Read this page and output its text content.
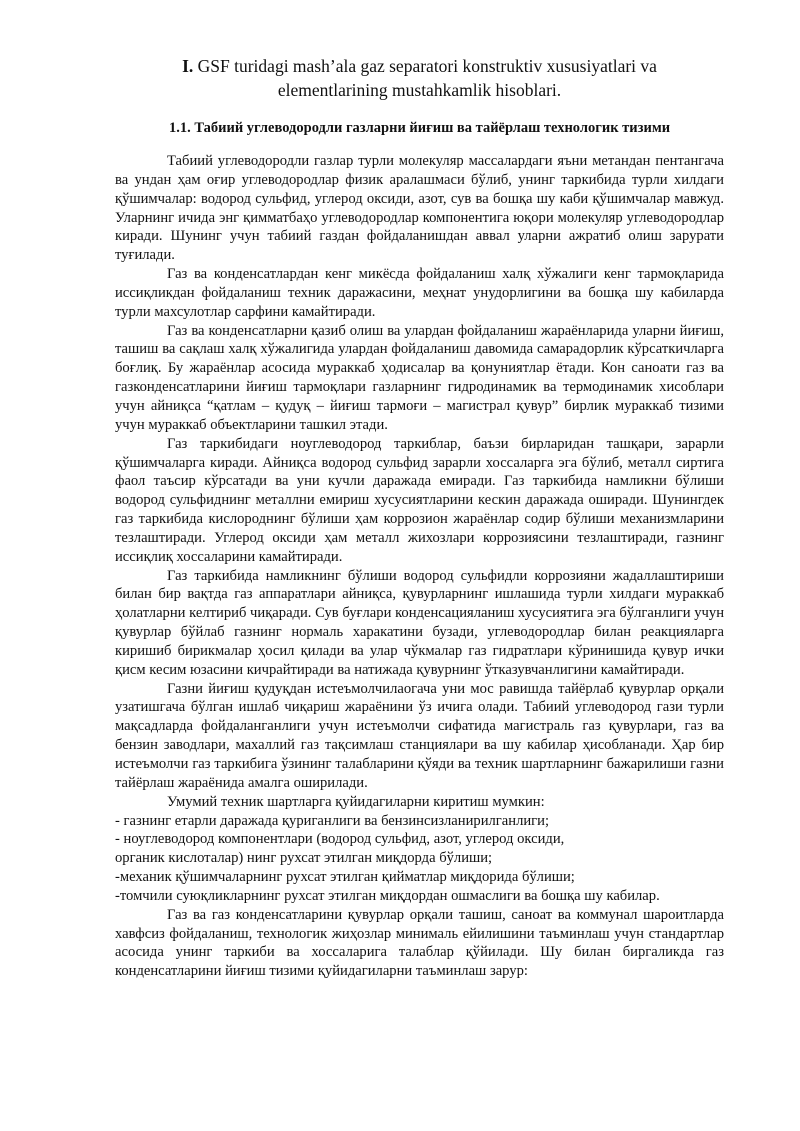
I. GSF turidagi mash’ala gaz separatori konstruktiv xususiyatlari va
elementlarining mustahkamlik hisoblari.
1.1. Табиий углеводородли газларни йиғиш ва тайёрлаш технологик тизими

Табиий углеводородли газлар турли молекуляр массалардаги яъни метандан пентангача ва ундан ҳам оғир углеводородлар физик аралашмаси бўлиб, унинг таркибида турли хилдаги қўшимчалар: водород сульфид, углерод оксиди, азот, сув ва бошқа шу каби қўшимчалар мавжуд. Уларнинг ичида энг қимматбаҳо углеводородлар компонентига юқори молекуляр углеводородлар киради. Шунинг учун табиий газдан фойдаланишдан аввал уларни ажратиб олиш зарурати туғилади.

Газ ва конденсатлардан кенг микёсда фойдаланиш халқ хўжалиги кенг тармоқларида иссиқликдан фойдаланиш техник даражасини, меҳнат унудорлигини ва бошқа шу кабиларда турли махсулотлар сарфини камайтиради.

Газ ва конденсатларни қазиб олиш ва улардан фойдаланиш жараёнларида уларни йиғиш, ташиш ва сақлаш халқ хўжалигида улардан фойдаланиш давомида самарадорлик кўрсаткичларга боғлиқ. Бу жараёнлар асосида мураккаб ҳодисалар ва қонуниятлар ётади. Кон саноати газ ва газконденсатларини йиғиш тармоқлари газларнинг гидродинамик ва термодинамик хисоблари учун айниқса “қатлам – қудуқ – йиғиш тармоғи – магистрал қувур” бирлик мураккаб тизими учун мураккаб объектларини ташкил этади.

Газ таркибидаги ноуглеводород таркиблар, баъзи бирларидан ташқари, зарарли қўшимчаларга киради. Айниқса водород сульфид зарарли хоссаларга эга бўлиб, металл сиртига фаол таъсир кўрсатади ва уни кучли даражада емиради. Газ таркибида намликни бўлиши водород сульфиднинг металлни емириш хусусиятларини кескин даражада оширади. Шунингдек газ таркибида кислороднинг бўлиши ҳам коррозион жараёнлар содир бўлиши механизмларини тезлаштиради. Углерод оксиди ҳам металл жихозлари коррозиясини тезлаштиради, газнинг иссиқлиқ хоссаларини камайтиради.

Газ таркибида намликнинг бўлиши водород сульфидли коррозияни жадаллаштириши билан бир вақтда газ аппаратлари айниқса, қувурларнинг ишлашида турли хилдаги мураккаб ҳолатларни келтириб чиқаради. Сув буғлари конденсацияланиш хусусиятига эга бўлганлиги учун қувурлар бўйлаб газнинг нормаль харакатини бузади, углеводородлар билан реакцияларга киришиб бирикмалар ҳосил қилади ва улар чўкмалар газ гидратлари кўринишида қувур ички қисм кесим юзасини кичрайтиради ва натижада қувурнинг ўтказувчанлигини камайтиради.

Газни йиғиш қудуқдан истеъмолчилаoгача уни мос равишда тайёрлаб қувурлар орқали узатишгача бўлган ишлаб чиқариш жараёнини ўз ичига олади. Табиий углеводород гази турли мақсадларда фойдаланганлиги учун истеъмолчи сифатида магистраль газ қувурлари, газ ва бензин заводлари, махаллий газ тақсимлаш станциялари ва шу кабилар ҳисобланади. Ҳар бир истеъмолчи газ таркибига ўзининг талабларини қўяди ва техник шартларнинг бажарилиши газни тайёрлаш жараёнида амалга оширилади.

Умумий техник шартларга қуйидагиларни киритиш мумкин:

- газнинг етарли даражада қуриганлиги ва бензинсизланирилганлиги;

- ноуглеводород компонентлари (водород сульфид, азот, углерод оксиди,

органик кислоталар) нинг рухсат этилган миқдорда бўлиши;

-механик қўшимчаларнинг рухсат этилган қийматлар миқдорида бўлиши;

-томчили суюқликларнинг рухсат этилган миқдордан ошмаслиги ва бошқа шу кабилар.

Газ ва газ конденсатларини қувурлар орқали ташиш, саноат ва коммунал шароитларда хавфсиз фойдаланиш, технологик жиҳозлар минималь ейилишини таъминлаш учун стандартлар асосида унинг таркиби ва хоссаларига талаблар қўйилади. Шу билан биргаликда газ конденсатларини йиғиш тизими қуйидагиларни таъминлаш зарур:
